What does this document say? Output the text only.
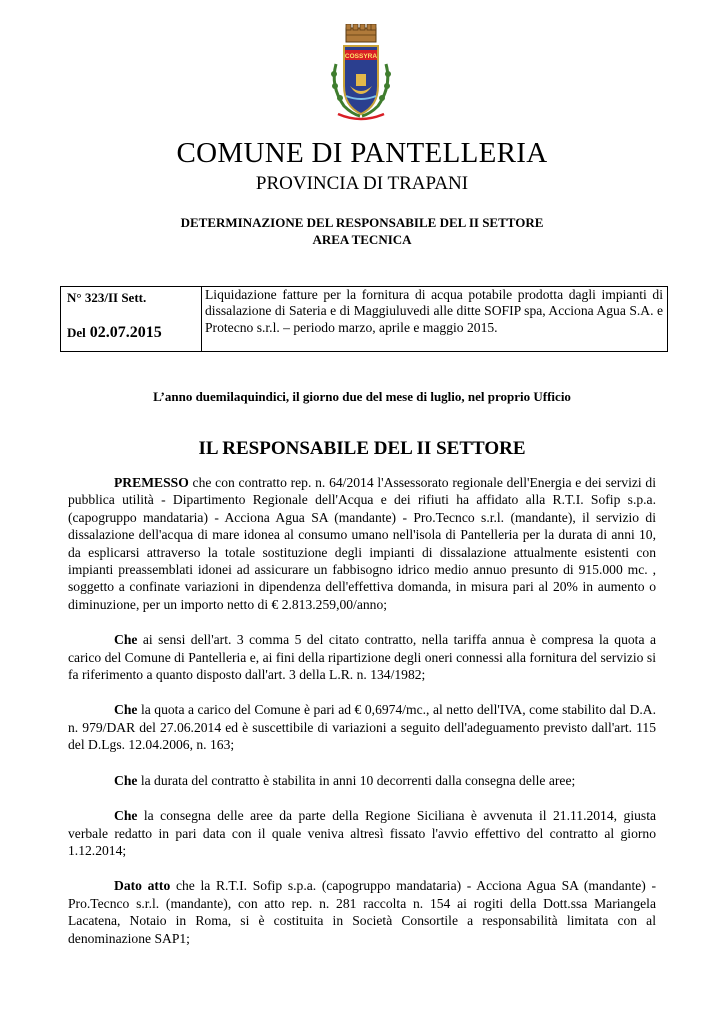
COSSYRA
COMUNE DI PANTELLERIA
PROVINCIA DI TRAPANI
DETERMINAZIONE DEL RESPONSABILE DEL II SETTORE
AREA TECNICA
N° 323/II Sett.
Del 02.07.2015
Liquidazione fatture per la fornitura di acqua potabile prodotta dagli impianti di dissalazione di Sateria e di Maggiuluvedi alle ditte SOFIP spa, Acciona Agua S.A. e Protecno s.r.l. – periodo marzo, aprile e maggio 2015.
L’anno duemilaquindici, il giorno due del mese di luglio, nel proprio Ufficio
IL RESPONSABILE DEL II SETTORE

PREMESSO che con contratto rep. n. 64/2014 l'Assessorato regionale dell'Energia e dei servizi di pubblica utilità - Dipartimento Regionale dell'Acqua e dei rifiuti ha affidato alla R.T.I. Sofip s.p.a. (capogruppo mandataria) - Acciona Agua SA (mandante) - Pro.Tecnco s.r.l. (mandante), il servizio di dissalazione dell'acqua di mare idonea al consumo umano nell'isola di Pantelleria per la durata di anni 10, da esplicarsi attraverso la totale sostituzione degli impianti di dissalazione attualmente esistenti con impianti preassemblati idonei ad assicurare un fabbisogno idrico medio annuo presunto di 915.000 mc. , soggetto a confinate variazioni in dipendenza dell'effettiva domanda, in misura pari al 20% in aumento o diminuzione, per un importo netto di € 2.813.259,00/anno;

Che ai sensi dell'art. 3 comma 5 del citato contratto, nella tariffa annua è compresa la quota a carico del Comune di Pantelleria e, ai fini della ripartizione degli oneri connessi alla fornitura del servizio si fa riferimento a quanto disposto dall'art. 3 della L.R. n. 134/1982;

Che la quota a carico del Comune è pari ad € 0,6974/mc., al netto dell'IVA, come stabilito dal D.A. n. 979/DAR del 27.06.2014 ed è suscettibile di variazioni a seguito dell'adeguamento previsto dall'art. 115 del D.Lgs. 12.04.2006, n. 163;

Che la durata del contratto è stabilita in anni 10 decorrenti dalla consegna delle aree;

Che la consegna delle aree da parte della Regione Siciliana è avvenuta il 21.11.2014, giusta verbale redatto in pari data con il quale veniva altresì fissato l'avvio effettivo del contratto al giorno 1.12.2014;

Dato atto che la R.T.I. Sofip s.p.a. (capogruppo mandataria) - Acciona Agua SA (mandante) - Pro.Tecnco s.r.l. (mandante), con atto rep. n. 281 raccolta n. 154 ai rogiti della Dott.ssa Mariangela Lacatena, Notaio in Roma, si è costituita in Società Consortile a responsabilità limitata con al denominazione SAP1;
